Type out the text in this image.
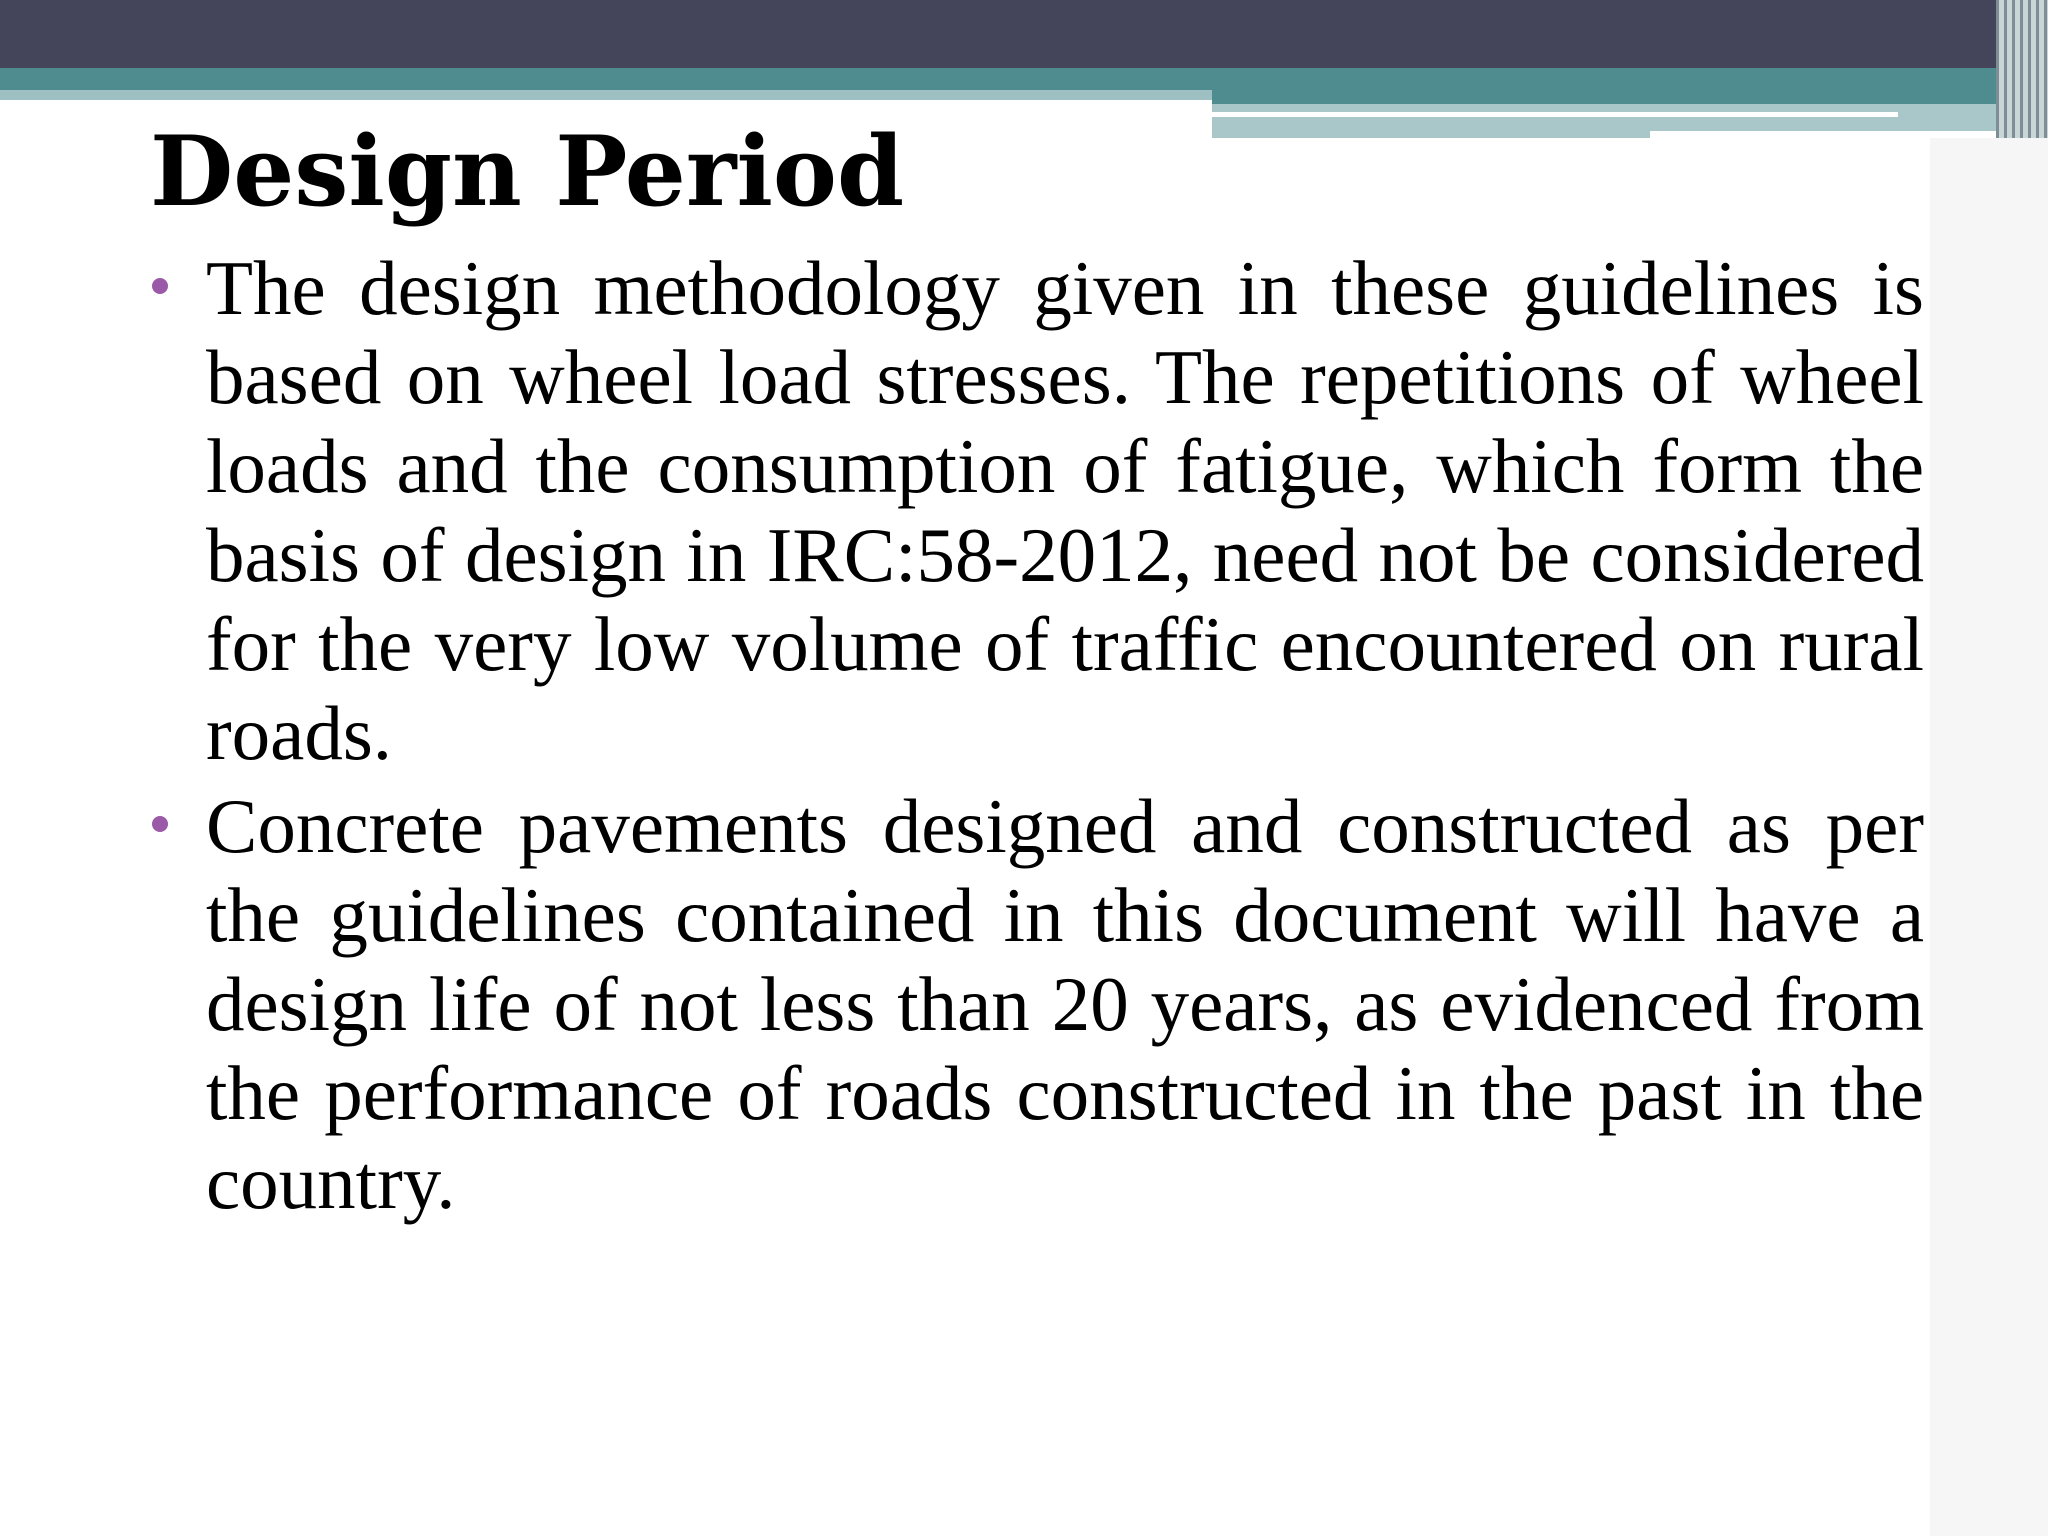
Design Period
The design methodology given in these guidelines is based on wheel load stresses. The repetitions of wheel loads and the consumption of fatigue, which form the basis of design in IRC:58-2012, need not be considered for the very low volume of traffic encountered on rural roads.
Concrete pavements designed and constructed as per the guidelines contained in this document will have a design life of not less than 20 years, as evidenced from the performance of roads constructed in the past in the country.
